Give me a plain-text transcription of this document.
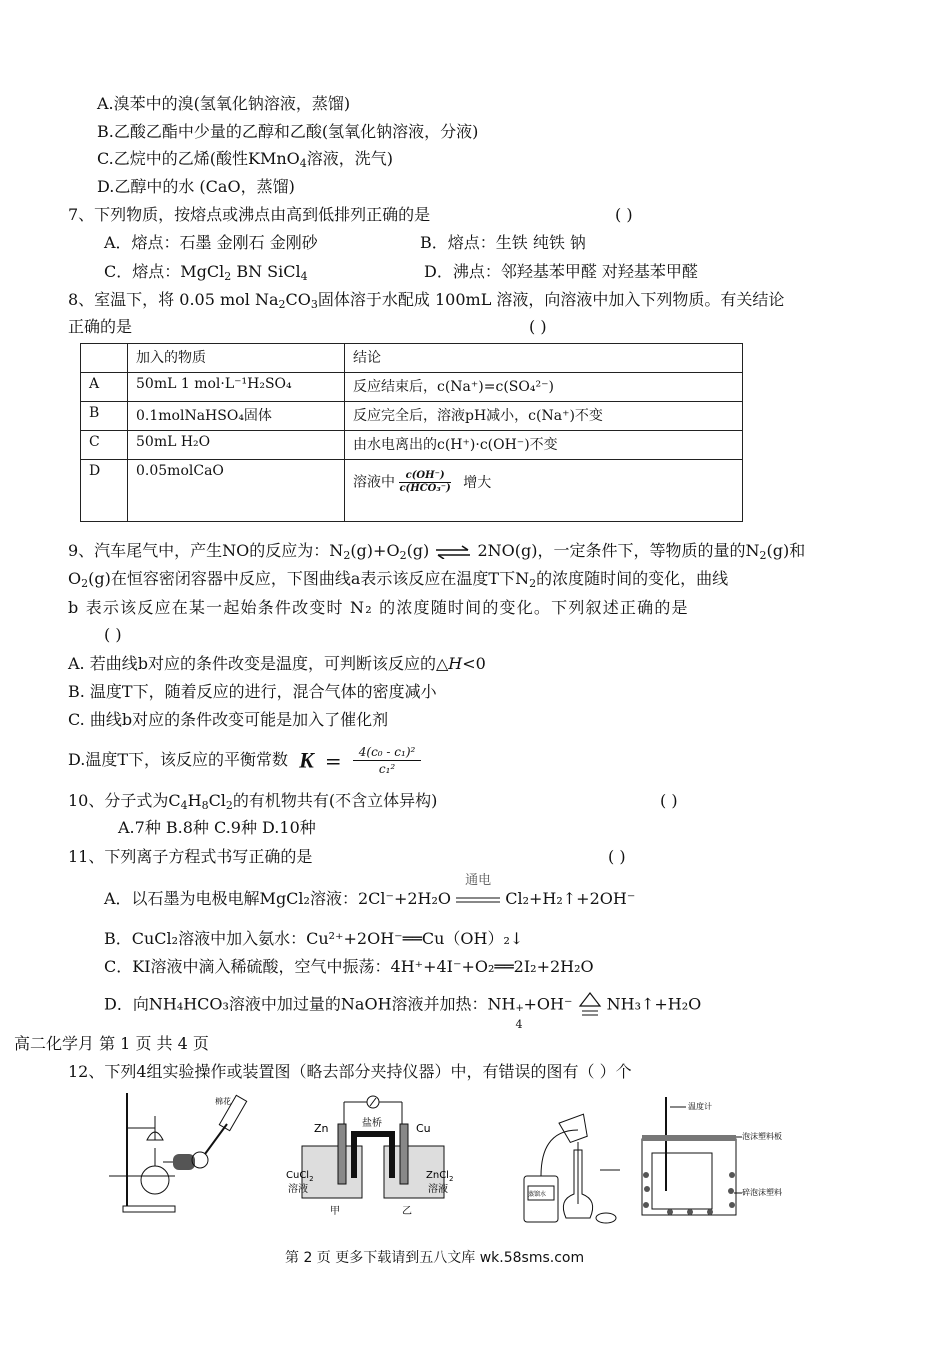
A.溴苯中的溴(氢氧化钠溶液，蒸馏)
B.乙酸乙酯中少量的乙醇和乙酸(氢氧化钠溶液，分液)
C.乙烷中的乙烯(酸性KMnO$_4$溶液，洗气)
D.乙醇中的水 (CaO，蒸馏)
7、下列物质，按熔点或沸点由高到低排列正确的是	( )
A．熔点：石墨 金刚石 金刚砂	B．熔点：生铁 纯铁 钠
C．熔点：MgCl$_2$ BN SiCl$_4$	D．沸点：邻羟基苯甲醛 对羟基苯甲醛
8、室温下，将 0.05 mol $Na_2CO_3$固体溶于水配成 100mL 溶液，向溶液中加入下列物质。有关结论
正确的是	( )
	加入的物质	结论
A	50mL 1 mol·L⁻¹H₂SO₄	反应结束后，c(Na⁺)=c(SO₄²⁻)
B	0.1molNaHSO₄固体	反应完全后，溶液pH减小，c(Na⁺)不变
C	50mL H₂O	由水电离出的c(H⁺)·c(OH⁻)不变
D	0.05molCaO	溶液中 $\frac{c(OH^-)}{\text{c(HCO₃⁻)}}$ 增大
9、汽车尾气中，产生NO的反应为：$N_2(g)+O_2(g)$ ⇌ 2NO(g)，一定条件下，等物质的量的$N_2(g)$和
$O_2(g)$在恒容密闭容器中反应，下图曲线a表示该反应在温度T下$N_2$的浓度随时间的变化，曲线
b 表示该反应在某一起始条件改变时 N₂ 的浓度随时间的变化。下列叙述正确的是
( )
A. 若曲线b对应的条件改变是温度，可判断该反应的△H<0
B. 温度T下，随着反应的进行，混合气体的密度减小
C. 曲线b对应的条件改变可能是加入了催化剂
D.温度T下，该反应的平衡常数 $K = \frac{\text{4(c₀ - c₁)²}}{\text{c₁²}}$
10、分子式为$C_4H_8Cl_2$的有机物共有(不含立体异构)	( )
A.7种 B.8种 C.9种 D.10种
11、下列离子方程式书写正确的是	( )
A．以石墨为电极电解MgCl₂溶液：2Cl⁻+2H₂O
通电
Cl₂+H₂↑+2OH⁻
B．CuCl₂溶液中加入氨水：Cu²⁺+2OH⁻══Cu（OH）₂↓
C．KI溶液中滴入稀硫酸，空气中振荡：4H⁺+4I⁻+O₂══2I₂+2H₂O
D．向NH₄HCO₃溶液中加过量的NaOH溶液并加热：NH +
4
+OH⁻  NH₃↑+H₂O
高二化学月 第 1 页 共 4 页
12、下列4组实验操作或装置图（略去部分夹持仪器）中，有错误的图有（ ）个
棉花
Zn	Cu
盐桥
CuCl$_2$
溶液
ZnCl$_2$
溶液
甲	乙
蒸馏水
温度计
泡沫塑料板
碎泡沫塑料
第 2 页 更多下载请到五八文库 wk.58sms.com
